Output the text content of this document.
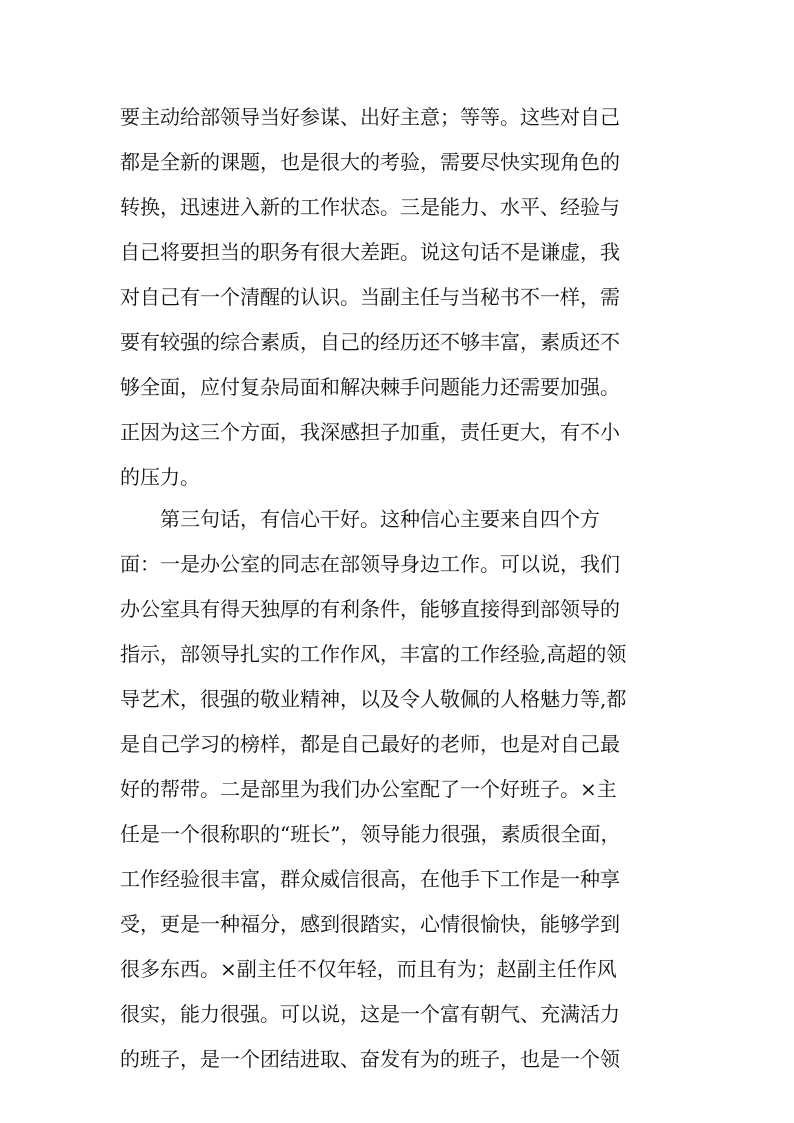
要主动给部领导当好参谋、出好主意；等等。这些对自己
都是全新的课题，也是很大的考验，需要尽快实现角色的
转换，迅速进入新的工作状态。三是能力、水平、经验与
自己将要担当的职务有很大差距。说这句话不是谦虚，我
对自己有一个清醒的认识。当副主任与当秘书不一样，需
要有较强的综合素质，自己的经历还不够丰富，素质还不
够全面，应付复杂局面和解决棘手问题能力还需要加强。
正因为这三个方面，我深感担子加重，责任更大，有不小
的压力。
第三句话，有信心干好。这种信心主要来自四个方
面：一是办公室的同志在部领导身边工作。可以说，我们
办公室具有得天独厚的有利条件，能够直接得到部领导的
指示，部领导扎实的工作作风，丰富的工作经验,高超的领
导艺术，很强的敬业精神，以及令人敬佩的人格魅力等,都
是自己学习的榜样，都是自己最好的老师，也是对自己最
好的帮带。二是部里为我们办公室配了一个好班子。×主
任是一个很称职的“班长”，领导能力很强，素质很全面，
工作经验很丰富，群众威信很高，在他手下工作是一种享
受，更是一种福分，感到很踏实，心情很愉快，能够学到
很多东西。×副主任不仅年轻，而且有为；赵副主任作风
很实，能力很强。可以说，这是一个富有朝气、充满活力
的班子，是一个团结进取、奋发有为的班子，也是一个领
